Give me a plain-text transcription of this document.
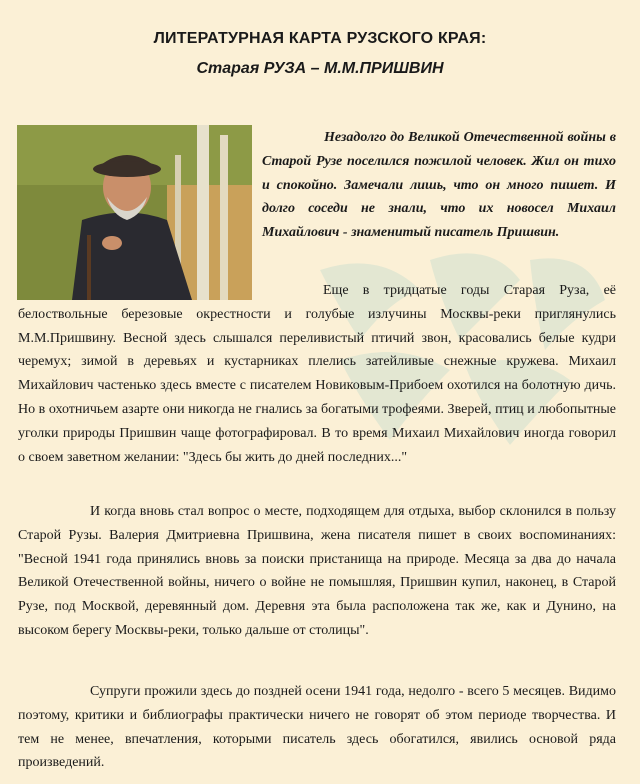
ЛИТЕРАТУРНАЯ КАРТА РУЗСКОГО КРАЯ:
Старая РУЗА – М.М.ПРИШВИН

Незадолго до Великой Отечественной войны в Старой Рузе поселился пожилой человек. Жил он тихо и спокойно. Замечали лишь, что он много пишет. И долго соседи не знали, что их новосел Михаил Михайлович - знаменитый писатель Пришвин.

Еще в тридцатые годы Старая Руза, её белоствольные березовые окрестности и голубые излучины Москвы-реки приглянулись М.М.Пришвину. Весной здесь слышался переливистый птичий звон, красовались белые кудри черемух; зимой в деревьях и кустарниках плелись затейливые снежные кружева. Михаил Михайлович частенько здесь вместе с писателем Новиковым-Прибоем охотился на болотную дичь. Но в охотничьем азарте они никогда не гнались за богатыми трофеями. Зверей, птиц и любопытные уголки природы Пришвин чаще фотографировал. В то время Михаил Михайлович иногда говорил о своем заветном желании: "Здесь бы жить до дней последних..."

И когда вновь стал вопрос о месте, подходящем для отдыха, выбор склонился в пользу Старой Рузы. Валерия Дмитриевна Пришвина, жена писателя пишет в своих воспоминаниях: "Весной 1941 года принялись вновь за поиски пристанища на природе. Месяца за два до начала Великой Отечественной войны, ничего о войне не помышляя, Пришвин купил, наконец, в Старой Рузе, под Москвой, деревянный дом. Деревня эта была расположена так же, как и Дунино, на высоком берегу Москвы-реки, только дальше от столицы".

Супруги прожили здесь до поздней осени 1941 года, недолго - всего 5 месяцев. Видимо поэтому, критики и библиографы практически ничего не говорят об этом периоде творчества. И тем не менее, впечатления, которыми писатель здесь обогатился, явились основой ряда произведений.
